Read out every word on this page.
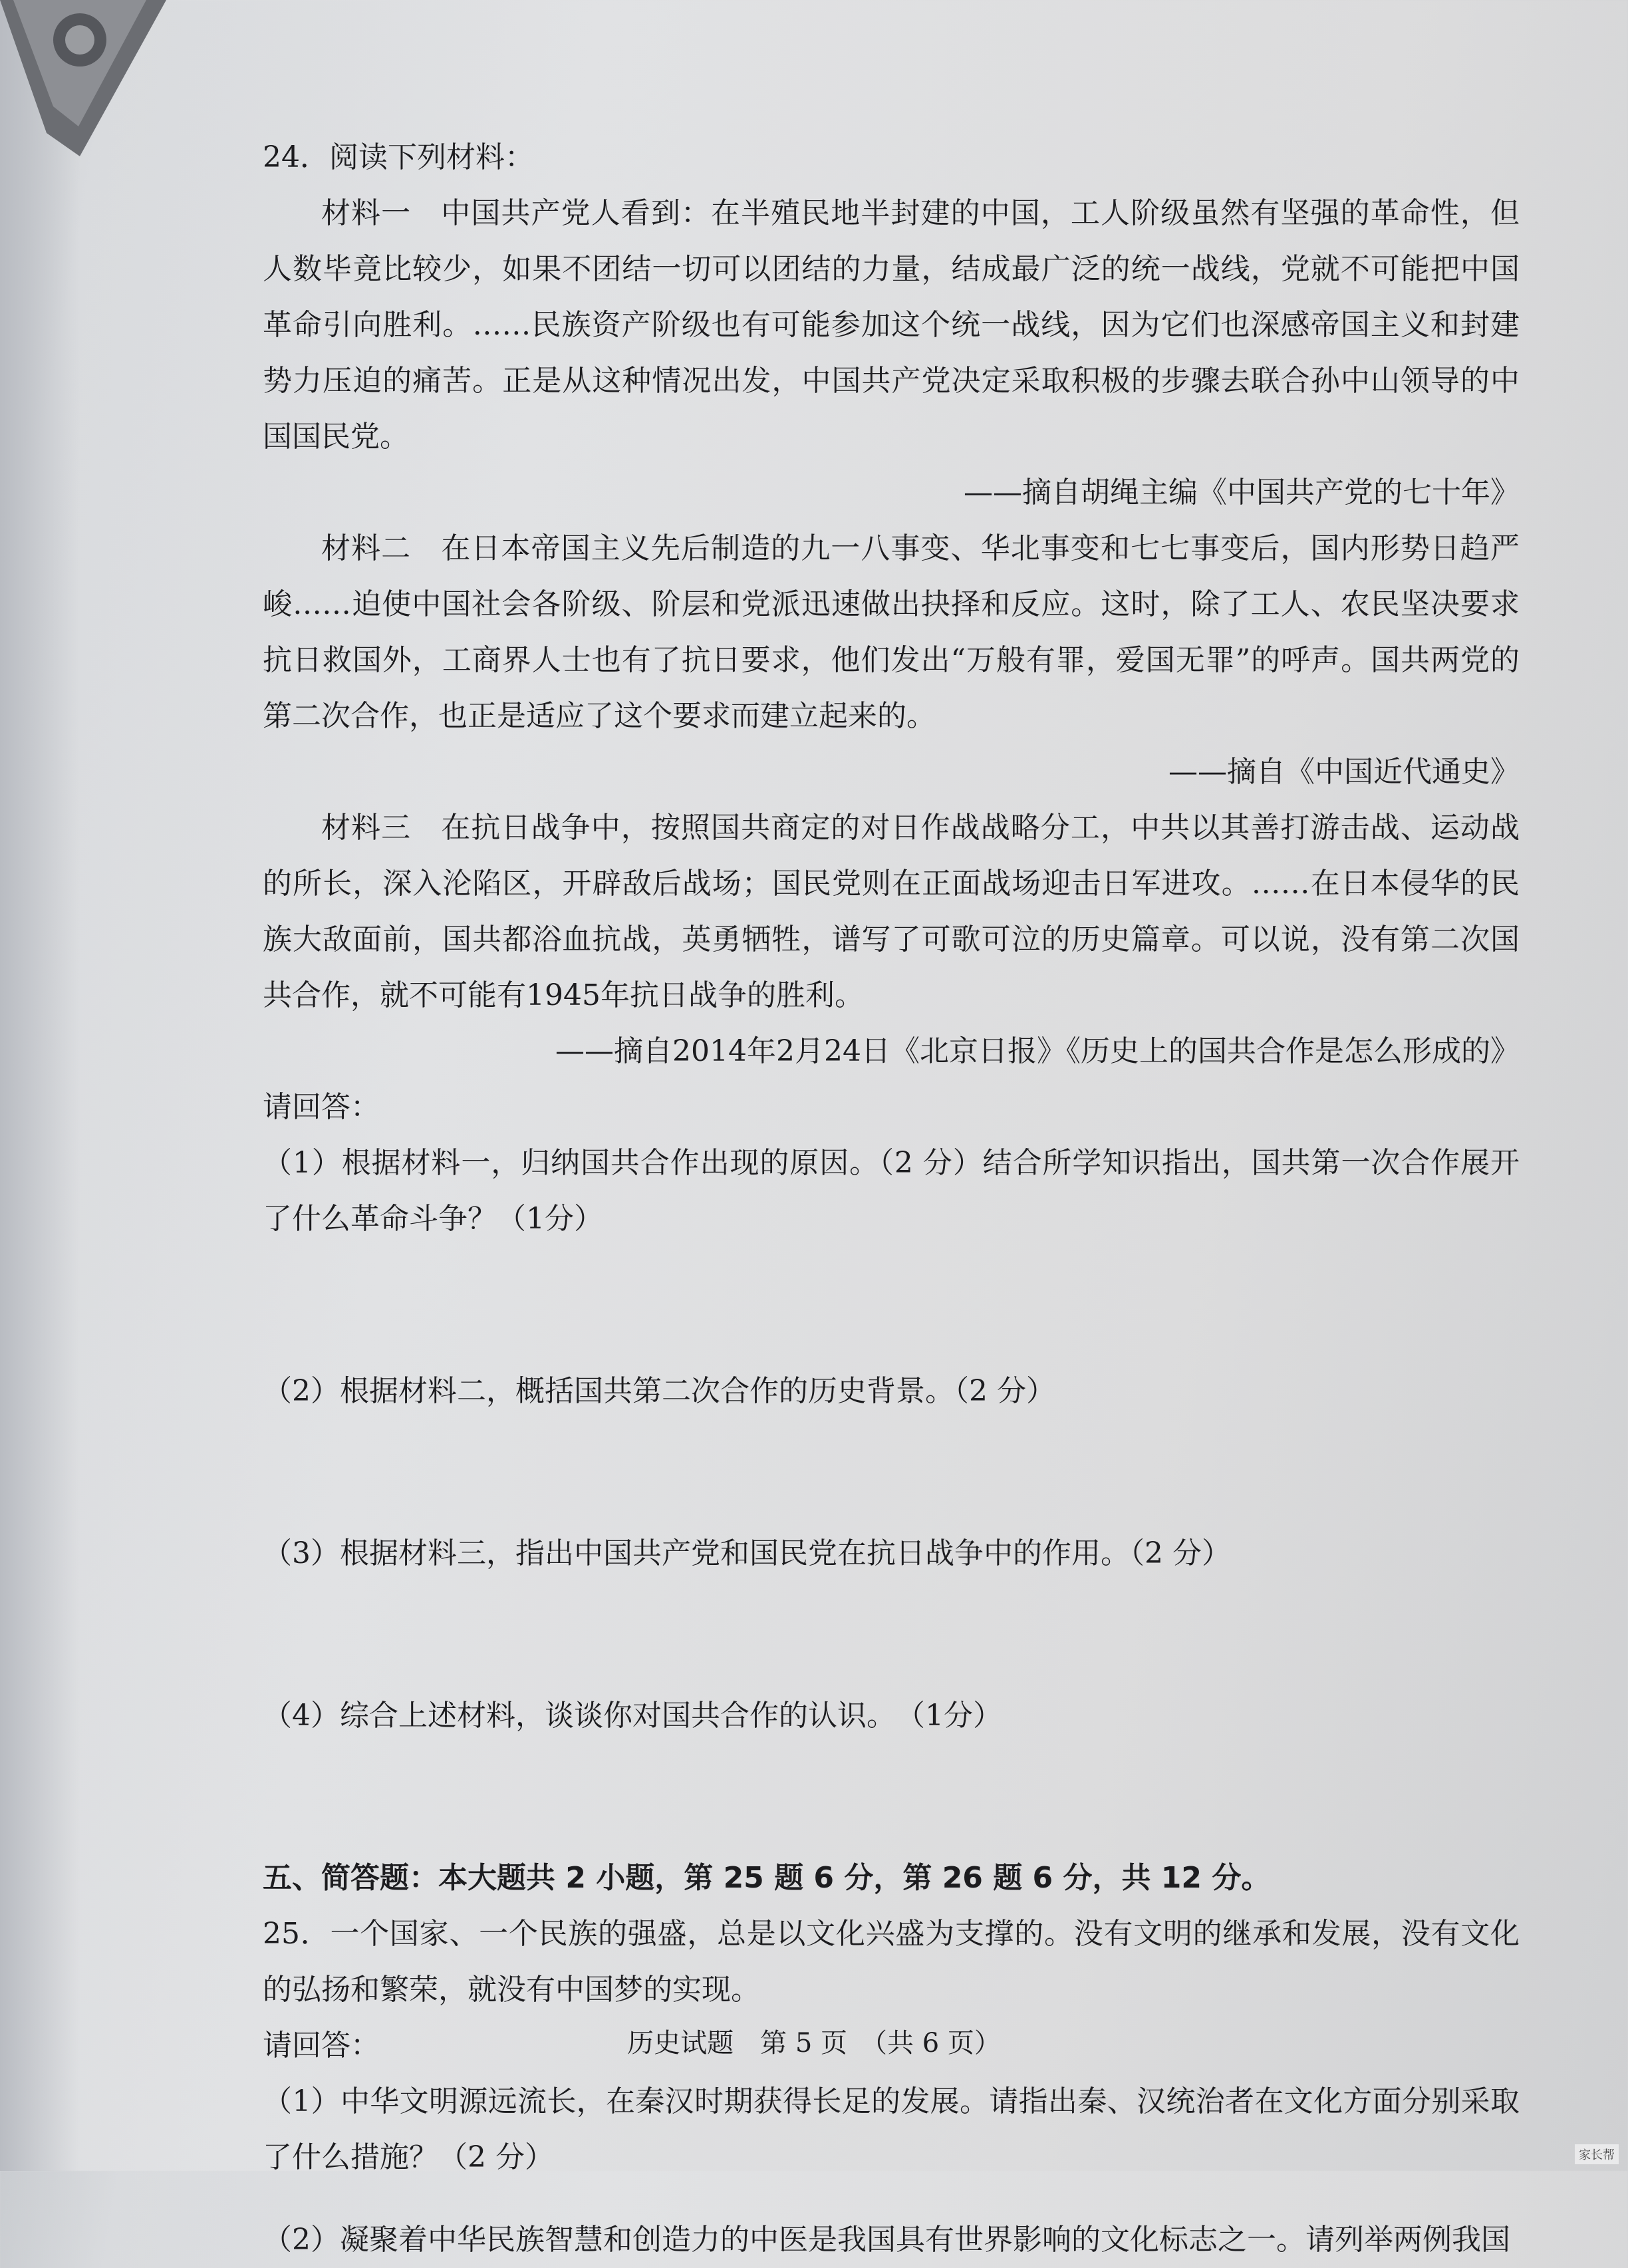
24．阅读下列材料：

材料一　中国共产党人看到：在半殖民地半封建的中国，工人阶级虽然有坚强的革命性，但人数毕竟比较少，如果不团结一切可以团结的力量，结成最广泛的统一战线，党就不可能把中国革命引向胜利。……民族资产阶级也有可能参加这个统一战线，因为它们也深感帝国主义和封建势力压迫的痛苦。正是从这种情况出发，中国共产党决定采取积极的步骤去联合孙中山领导的中国国民党。

——摘自胡绳主编《中国共产党的七十年》

材料二　在日本帝国主义先后制造的九一八事变、华北事变和七七事变后，国内形势日趋严峻……迫使中国社会各阶级、阶层和党派迅速做出抉择和反应。这时，除了工人、农民坚决要求抗日救国外，工商界人士也有了抗日要求，他们发出“万般有罪，爱国无罪”的呼声。国共两党的第二次合作，也正是适应了这个要求而建立起来的。

——摘自《中国近代通史》

材料三　在抗日战争中，按照国共商定的对日作战战略分工，中共以其善打游击战、运动战的所长，深入沦陷区，开辟敌后战场；国民党则在正面战场迎击日军进攻。……在日本侵华的民族大敌面前，国共都浴血抗战，英勇牺牲，谱写了可歌可泣的历史篇章。可以说，没有第二次国共合作，就不可能有1945年抗日战争的胜利。

——摘自2014年2月24日《北京日报》《历史上的国共合作是怎么形成的》

请回答：

（1）根据材料一，归纳国共合作出现的原因。（2 分）结合所学知识指出，国共第一次合作展开了什么革命斗争？（1分）

（2）根据材料二，概括国共第二次合作的历史背景。（2 分）

（3）根据材料三，指出中国共产党和国民党在抗日战争中的作用。（2 分）

（4）综合上述材料，谈谈你对国共合作的认识。　（1分）

五、简答题：本大题共 2 小题，第 25 题 6 分，第 26 题 6 分，共 12 分。

25．一个国家、一个民族的强盛，总是以文化兴盛为支撑的。没有文明的继承和发展，没有文化的弘扬和繁荣，就没有中国梦的实现。

请回答：

（1）中华文明源远流长，在秦汉时期获得长足的发展。请指出秦、汉统治者在文化方面分别采取了什么措施？（2 分）

（2）凝聚着中华民族智慧和创造力的中医是我国具有世界影响的文化标志之一。请列举两例我国

历史试题　第 5 页　（共 6 页）
家长帮
